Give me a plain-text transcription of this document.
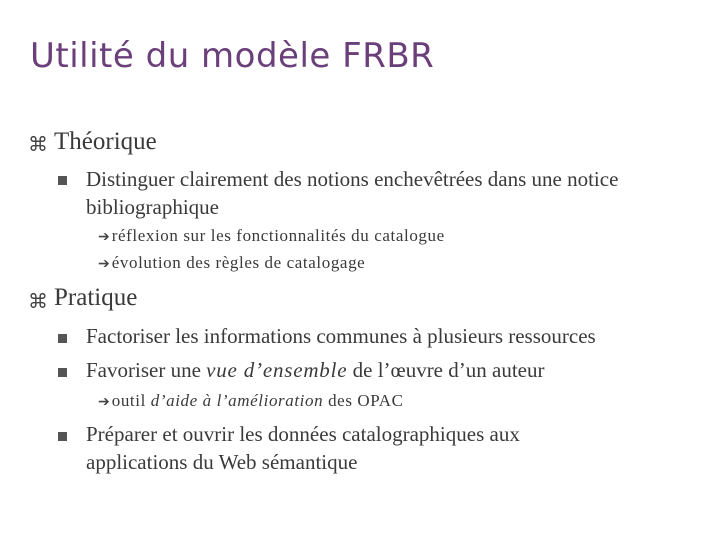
Utilité du modèle FRBR
⌘ Théorique
Distinguer clairement des notions enchevêtrées dans une notice
bibliographique
➔ réflexion sur les fonctionnalités du catalogue
➔ évolution des règles de catalogage
⌘ Pratique
Factoriser les informations communes à plusieurs ressources
Favoriser une vue d’ensemble de l’œuvre d’un auteur
➔ outil d’aide à l’amélioration des OPAC
Préparer et ouvrir les données catalographiques aux
applications du Web sémantique
